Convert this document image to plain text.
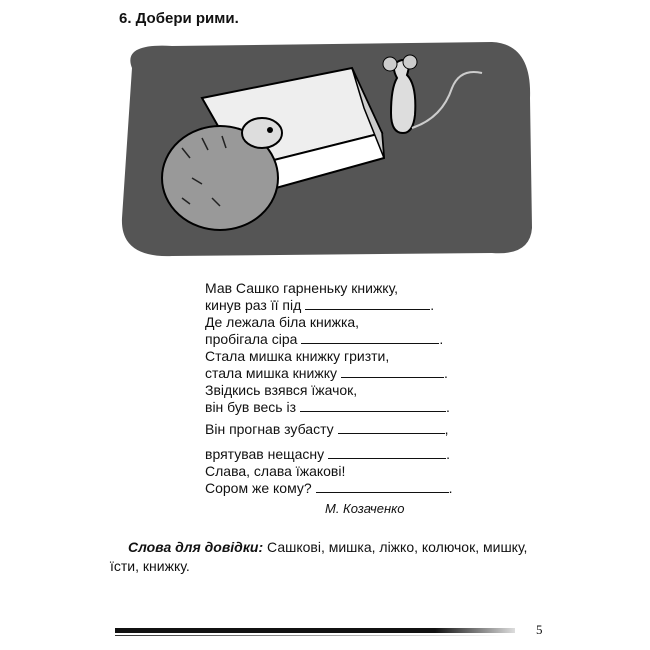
6. Добери рими.
Мав Сашко гарненьку книжку,
кинув раз її під	.
Де лежала біла книжка,
пробігала сіра	.
Стала мишка книжку гризти,
стала мишка книжку	.
Звідкись взявся їжачок,
він був весь із	.
Він прогнав зубасту	,
врятував нещасну	.
Слава, слава їжакові!
Сором же кому?	.
М. Козаченко
Слова для довідки: Сашкові, мишка, ліжко, колючок, мишку, їсти, книжку.
5
